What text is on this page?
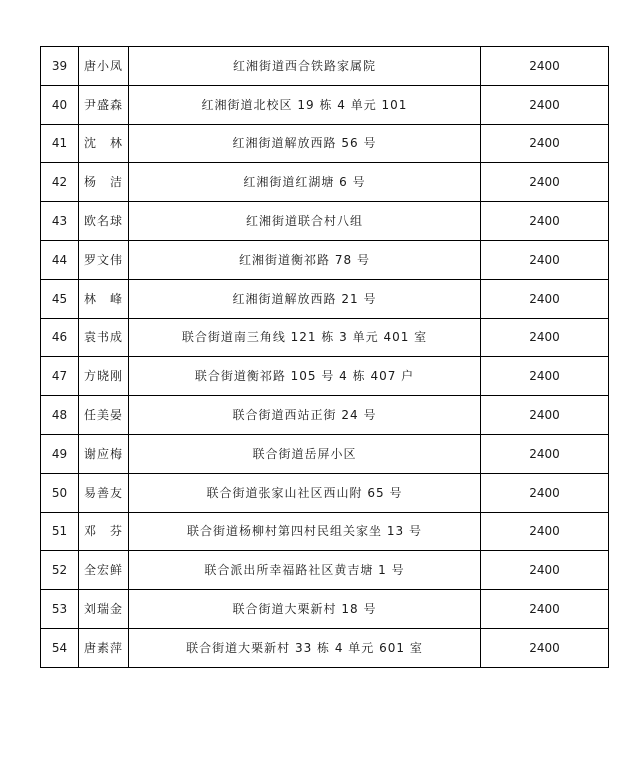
39	唐小凤	红湘街道西合铁路家属院	2400
40	尹盛森	红湘街道北校区 19 栋 4 单元 101	2400
41	沈　林	红湘街道解放西路 56 号	2400
42	杨　洁	红湘街道红湖塘 6 号	2400
43	欧名球	红湘街道联合村八组	2400
44	罗文伟	红湘街道衡祁路 78 号	2400
45	林　峰	红湘街道解放西路 21 号	2400
46	袁书成	联合街道南三角线 121 栋 3 单元 401 室	2400
47	方晓刚	联合街道衡祁路 105 号 4 栋 407 户	2400
48	任美晏	联合街道西站正街 24 号	2400
49	谢应梅	联合街道岳屏小区	2400
50	易善友	联合街道张家山社区西山附 65 号	2400
51	邓　芬	联合街道杨柳村第四村民组关家坐 13 号	2400
52	全宏鲜	联合派出所幸福路社区黄吉塘 1 号	2400
53	刘瑞金	联合街道大栗新村 18 号	2400
54	唐素萍	联合街道大栗新村 33 栋 4 单元 601 室	2400
